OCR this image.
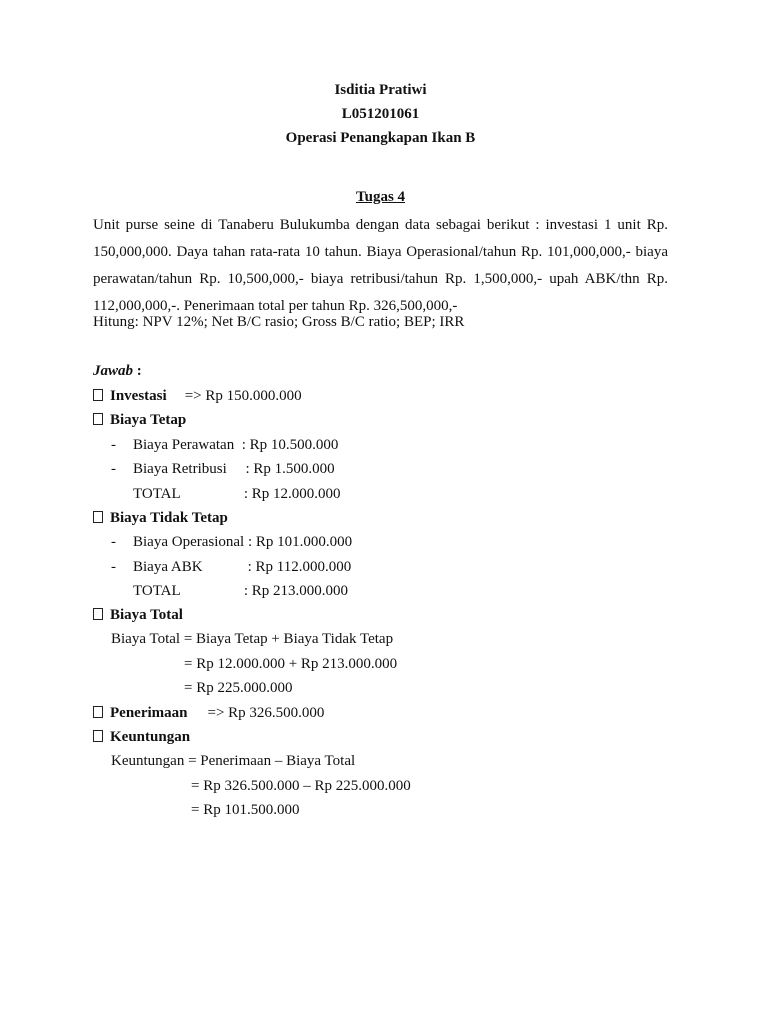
Isditia Pratiwi
L051201061
Operasi Penangkapan Ikan B
Tugas 4
Unit purse seine di Tanaberu Bulukumba dengan data sebagai berikut : investasi 1 unit Rp. 150,000,000. Daya tahan rata-rata 10 tahun. Biaya Operasional/tahun Rp. 101,000,000,- biaya perawatan/tahun Rp. 10,500,000,- biaya retribusi/tahun Rp. 1,500,000,- upah ABK/thn Rp. 112,000,000,-. Penerimaan total per tahun Rp. 326,500,000,-
Hitung: NPV 12%; Net B/C rasio; Gross B/C ratio; BEP; IRR
Jawab :
Investasi => Rp 150.000.000
Biaya Tetap
- Biaya Perawatan  : Rp 10.500.000
- Biaya Retribusi     : Rp 1.500.000
TOTAL                 : Rp 12.000.000
Biaya Tidak Tetap
- Biaya Operasional : Rp 101.000.000
- Biaya ABK            : Rp 112.000.000
TOTAL                 : Rp 213.000.000
Biaya Total
Biaya Total = Biaya Tetap + Biaya Tidak Tetap
= Rp 12.000.000 + Rp 213.000.000
= Rp 225.000.000
Penerimaan => Rp 326.500.000
Keuntungan
Keuntungan = Penerimaan – Biaya Total
= Rp 326.500.000 – Rp 225.000.000
= Rp 101.500.000
